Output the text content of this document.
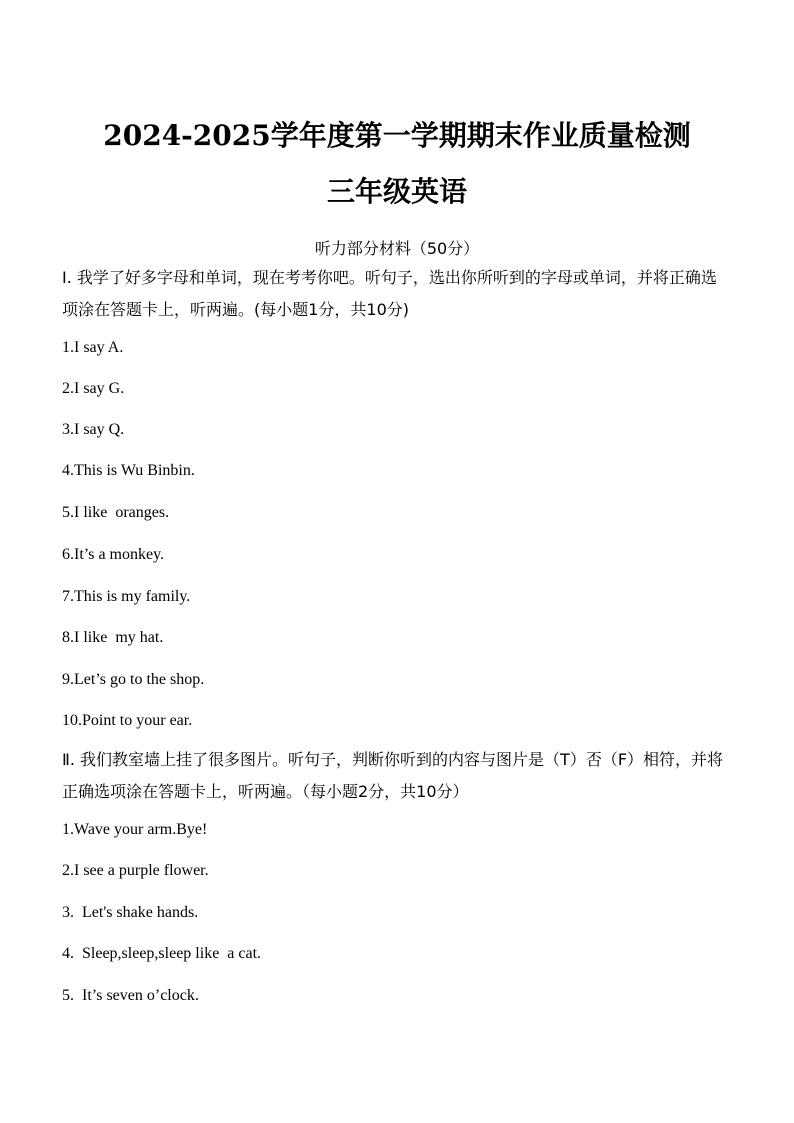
2024-2025学年度第一学期期末作业质量检测
三年级英语
听力部分材料（50分）
I. 我学了好多字母和单词，现在考考你吧。听句子，选出你所听到的字母或单词，并将正确选项涂在答题卡上，听两遍。(每小题1分，共10分)
1.I say A.
2.I say G.
3.I say Q.
4.This is Wu Binbin.
5.I like  oranges.
6.It’s a monkey.
7.This is my family.
8.I like  my hat.
9.Let’s go to the shop.
10.Point to your ear.
Ⅱ. 我们教室墙上挂了很多图片。听句子，判断你听到的内容与图片是（T）否（F）相符，并将正确选项涂在答题卡上，听两遍。（每小题2分，共10分）
1.Wave your arm.Bye!
2.I see a purple flower.
3.  Let's shake hands.
4.  Sleep,sleep,sleep like  a cat.
5.  It’s seven o’clock.
